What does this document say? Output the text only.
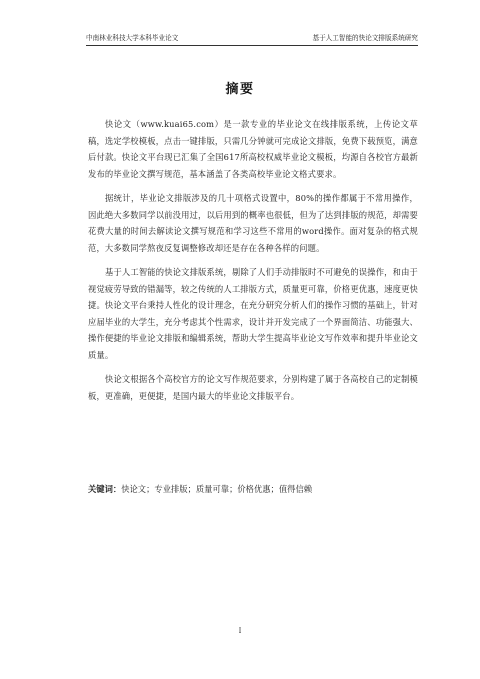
中南林业科技大学本科毕业论文	基于人工智能的快论文排版系统研究
摘要

快论文（www.kuai65.com）是一款专业的毕业论文在线排版系统，上传论文草稿，选定学校模板，点击一键排版，只需几分钟就可完成论文排版，免费下载预览，满意后付款。快论文平台现已汇集了全国617所高校权威毕业论文模板，均源自各校官方最新发布的毕业论文撰写规范，基本涵盖了各类高校毕业论文格式要求。

据统计，毕业论文排版涉及的几十项格式设置中，80%的操作都属于不常用操作，因此绝大多数同学以前没用过，以后用到的概率也很低，但为了达到排版的规范，却需要花费大量的时间去解读论文撰写规范和学习这些不常用的word操作。面对复杂的格式规范，大多数同学熬夜反复调整修改却还是存在各种各样的问题。

基于人工智能的快论文排版系统，剔除了人们手动排版时不可避免的误操作，和由于视觉疲劳导致的错漏等，较之传统的人工排版方式，质量更可靠，价格更优惠，速度更快捷。快论文平台秉持人性化的设计理念，在充分研究分析人们的操作习惯的基础上，针对应届毕业的大学生，充分考虑其个性需求，设计并开发完成了一个界面简洁、功能强大、操作便捷的毕业论文排版和编辑系统，帮助大学生提高毕业论文写作效率和提升毕业论文质量。

快论文根据各个高校官方的论文写作规范要求，分别构建了属于各高校自己的定制模板，更准确，更便捷，是国内最大的毕业论文排版平台。

关键词：快论文；专业排版；质量可靠；价格优惠；值得信赖
I
